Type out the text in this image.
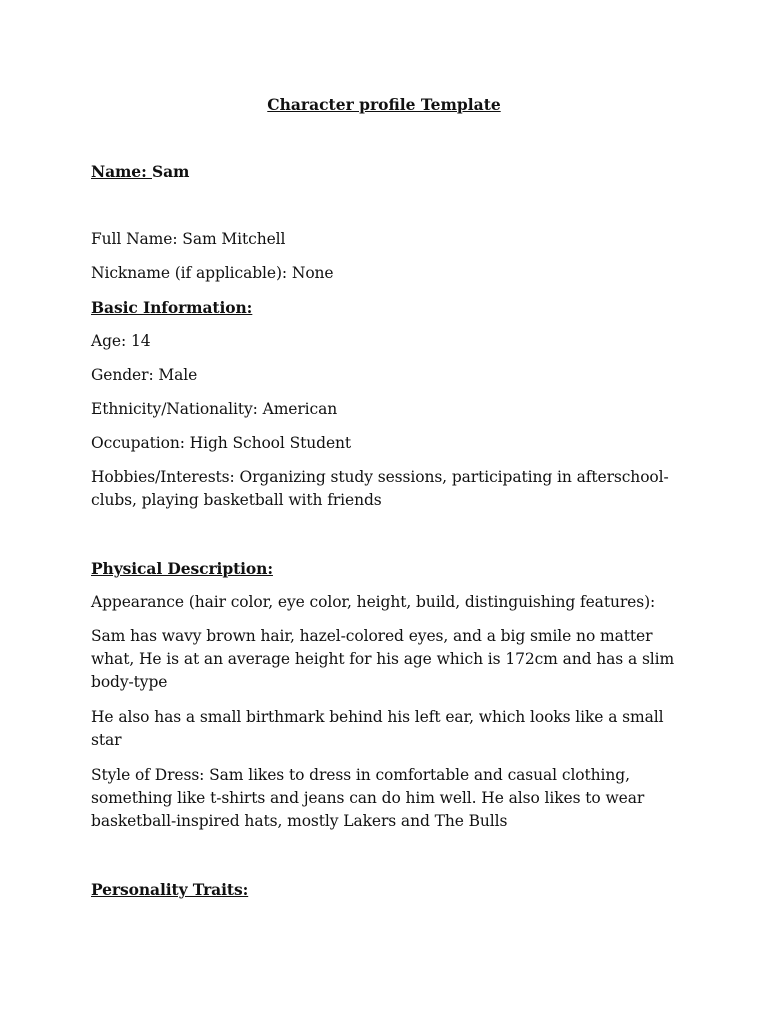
Character profile Template
Name: Sam
Full Name: Sam Mitchell
Nickname (if applicable): None
Basic Information:
Age: 14
Gender: Male
Ethnicity/Nationality: American
Occupation: High School Student
Hobbies/Interests: Organizing study sessions, participating in afterschool-clubs, playing basketball with friends
Physical Description:
Appearance (hair color, eye color, height, build, distinguishing features):
Sam has wavy brown hair, hazel-colored eyes, and a big smile no matter what, He is at an average height for his age which is 172cm and has a slim body-type
He also has a small birthmark behind his left ear, which looks like a small star
Style of Dress: Sam likes to dress in comfortable and casual clothing, something like t-shirts and jeans can do him well. He also likes to wear basketball-inspired hats, mostly Lakers and The Bulls
Personality Traits:
